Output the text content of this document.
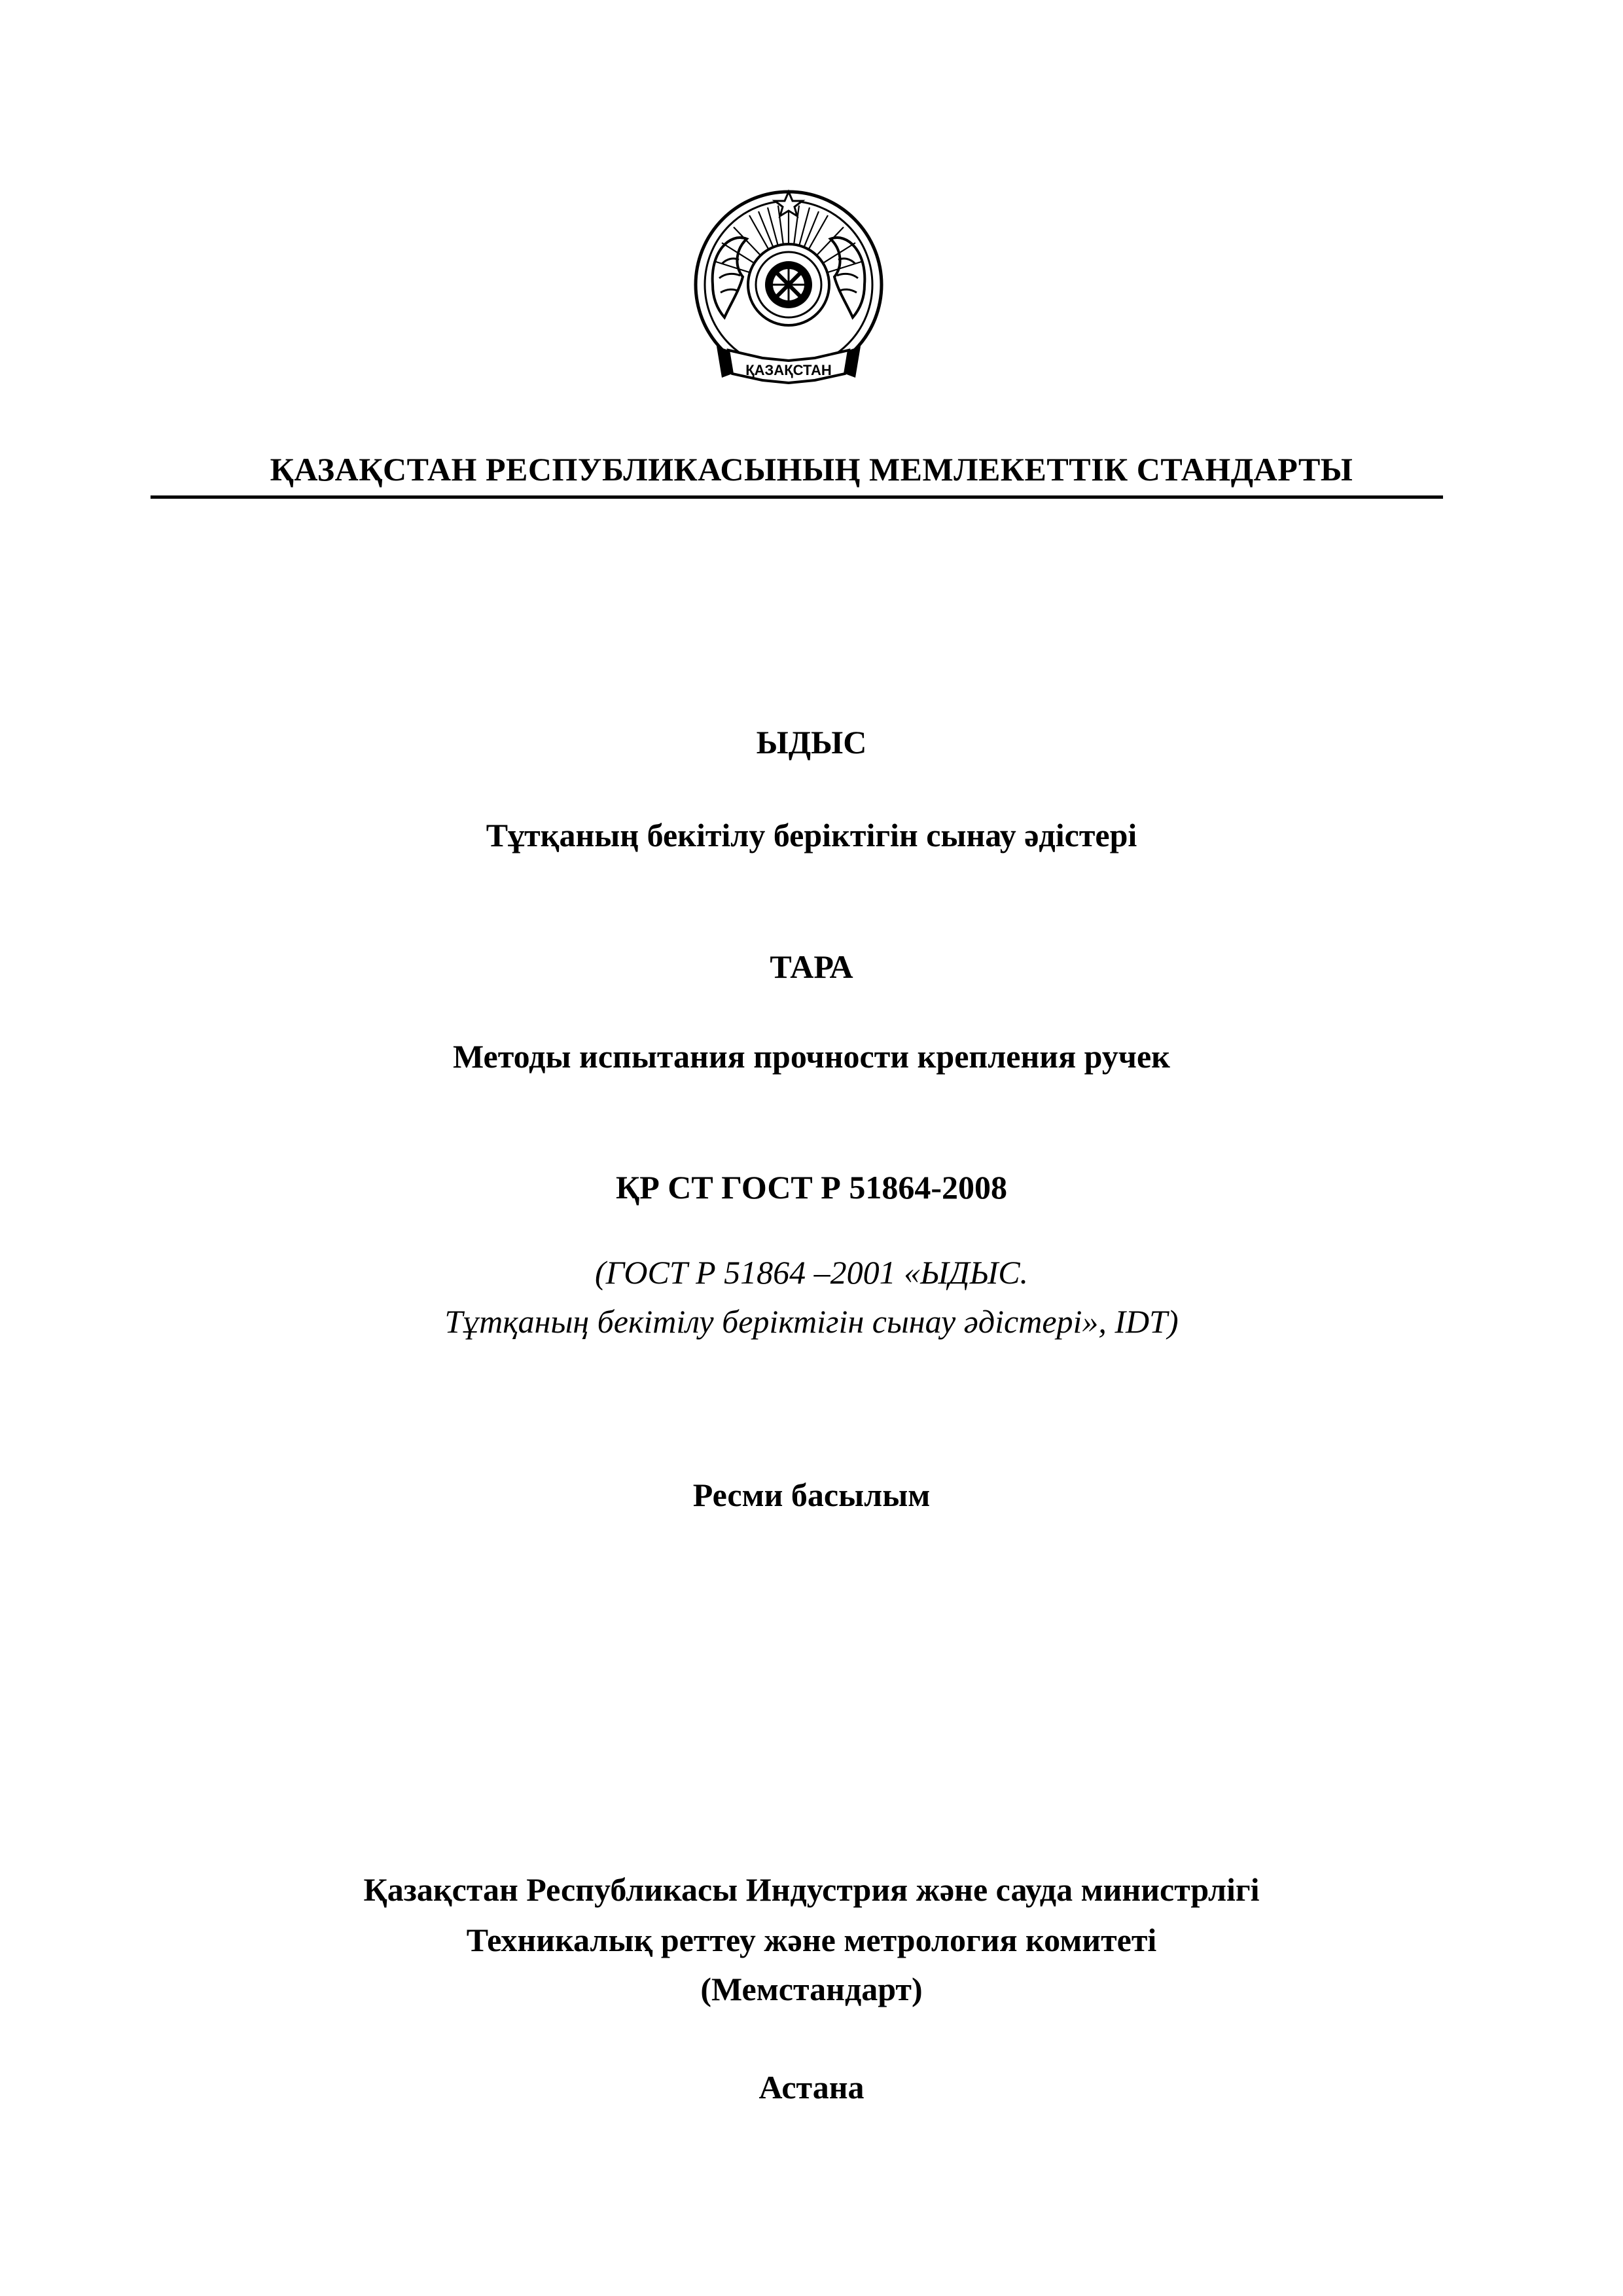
ҚАЗАҚСТАН
ҚАЗАҚСТАН РЕСПУБЛИКАСЫНЫҢ МЕМЛЕКЕТТІК СТАНДАРТЫ
ЫДЫС
Тұтқаның бекітілу беріктігін сынау әдістері
ТАРА
Методы испытания прочности крепления ручек
ҚР СТ ГОСТ Р 51864-2008
(ГОСТ Р 51864 –2001 «ЫДЫС.
Тұтқаның бекітілу беріктігін сынау әдістері», IDT)
Ресми басылым
Қазақстан Республикасы Индустрия және сауда министрлігі
Техникалық реттеу және метрология комитеті
(Мемстандарт)
Астана
